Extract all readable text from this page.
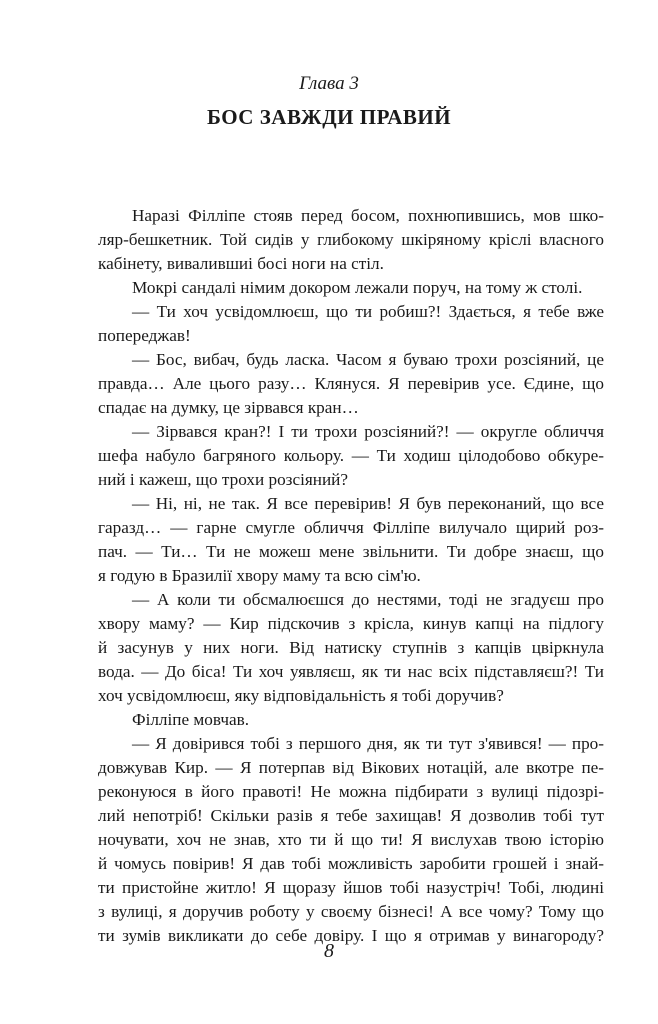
Глава 3

БОС ЗАВЖДИ ПРАВИЙ
Наразі Філліпе стояв перед босом, похнюпившись, мов шко-
ляр-бешкетник. Той сидів у глибокому шкіряному кріслі власного
кабінету, вивалившиі босі ноги на стіл.
Мокрі сандалі німим докором лежали поруч, на тому ж столі.
— Ти хоч усвідомлюєш, що ти робиш?! Здається, я тебе вже
попереджав!
— Бос, вибач, будь ласка. Часом я буваю трохи розсіяний, це
правда… Але цього разу… Клянуся. Я перевірив усе. Єдине, що
спадає на думку, це зірвався кран…
— Зірвався кран?! І ти трохи розсіяний?! — округле обличчя
шефа набуло багряного кольору. — Ти ходиш цілодобово обкуре-
ний і кажеш, що трохи розсіяний?
— Ні, ні, не так. Я все перевірив! Я був переконаний, що все
гаразд… — гарне смугле обличчя Філліпе вилучало щирий роз-
пач. — Ти… Ти не можеш мене звільнити. Ти добре знаєш, що
я годую в Бразилії хвору маму та всю сім'ю.
— А коли ти обсмалюєшся до нестями, тоді не згадуєш про
хвору маму? — Кир підскочив з крісла, кинув капці на підлогу
й засунув у них ноги. Від натиску ступнів з капців цвіркнула
вода. — До біса! Ти хоч уявляєш, як ти нас всіх підставляєш?! Ти
хоч усвідомлюєш, яку відповідальність я тобі доручив?
Філліпе мовчав.
— Я довірився тобі з першого дня, як ти тут з'явився! — про-
довжував Кир. — Я потерпав від Вікових нотацій, але вкотре пе-
реконуюся в його правоті! Не можна підбирати з вулиці підозрі-
лий непотріб! Скільки разів я тебе захищав! Я дозволив тобі тут
ночувати, хоч не знав, хто ти й що ти! Я вислухав твою історію
й чомусь повірив! Я дав тобі можливість заробити грошей і знай-
ти пристойне житло! Я щоразу йшов тобі назустріч! Тобі, людині
з вулиці, я доручив роботу у своєму бізнесі! А все чому? Тому що
ти зумів викликати до себе довіру. І що я отримав у винагороду?

8
